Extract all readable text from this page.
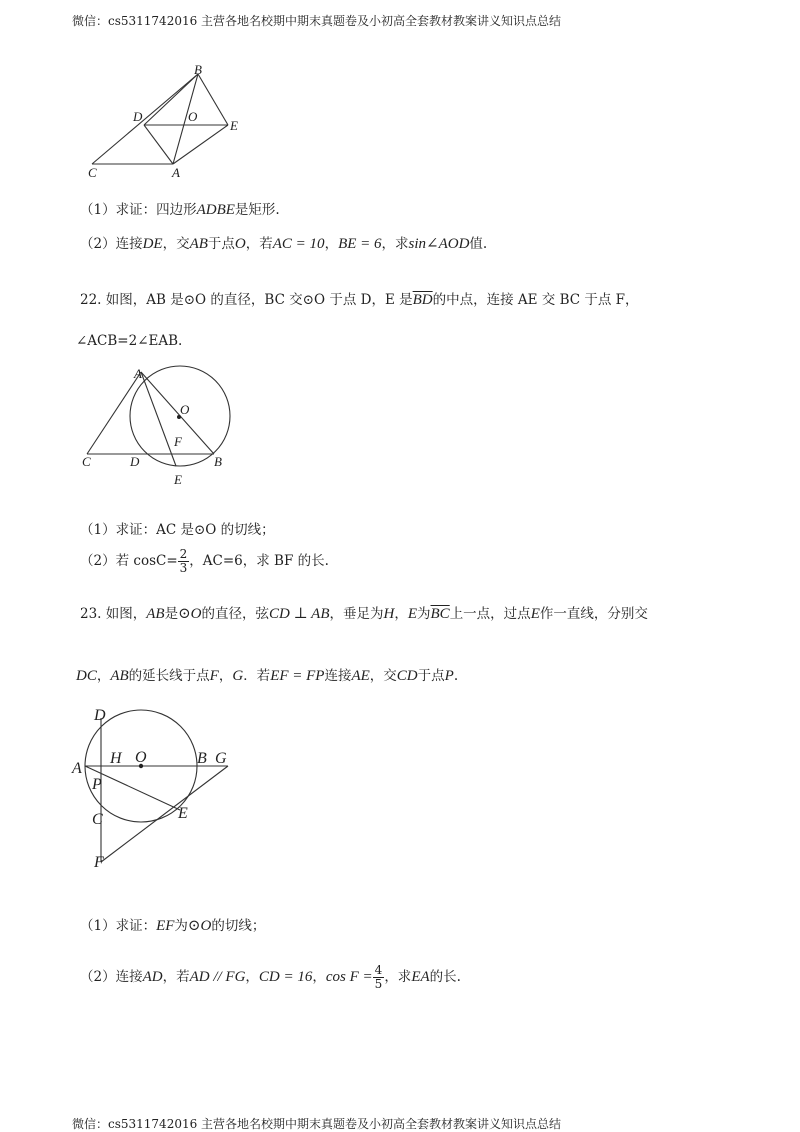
微信：cs5311742016 主营各地名校期中期末真题卷及小初高全套教材教案讲义知识点总结
B
D	O
E
C	A
（1）求证：四边形ADBE是矩形.
（2）连接DE，交AB于点O，若AC = 10，BE = 6，求sin∠AOD值.
22. 如图，AB 是⊙O 的直径，BC 交⊙O 于点 D，E 是$\overline{BD}$的中点，连接 AE 交 BC 于点 F，
∠ACB=2∠EAB.
A
O
F
C	D	B
E
（1）求证：AC 是⊙O 的切线；
（2）若 $\cos C= \frac{2}{3}$ ，AC=6，求 BF 的长.
23. 如图，AB是⊙O的直径，弦CD ⊥ AB，垂足为H，E为$\overline{BC}$上一点，过点E作一直线，分别交
DC，AB的延长线于点F，G．若EF = FP连接AE，交CD于点P.
D
H O	B G
A
P
C	E
F
（1）求证：EF为⊙O的切线；
（2）连接AD，若AD // FG，CD = 16，$\cos F = \frac{4}{5}$ ，求EA的长.
微信：cs5311742016 主营各地名校期中期末真题卷及小初高全套教材教案讲义知识点总结
